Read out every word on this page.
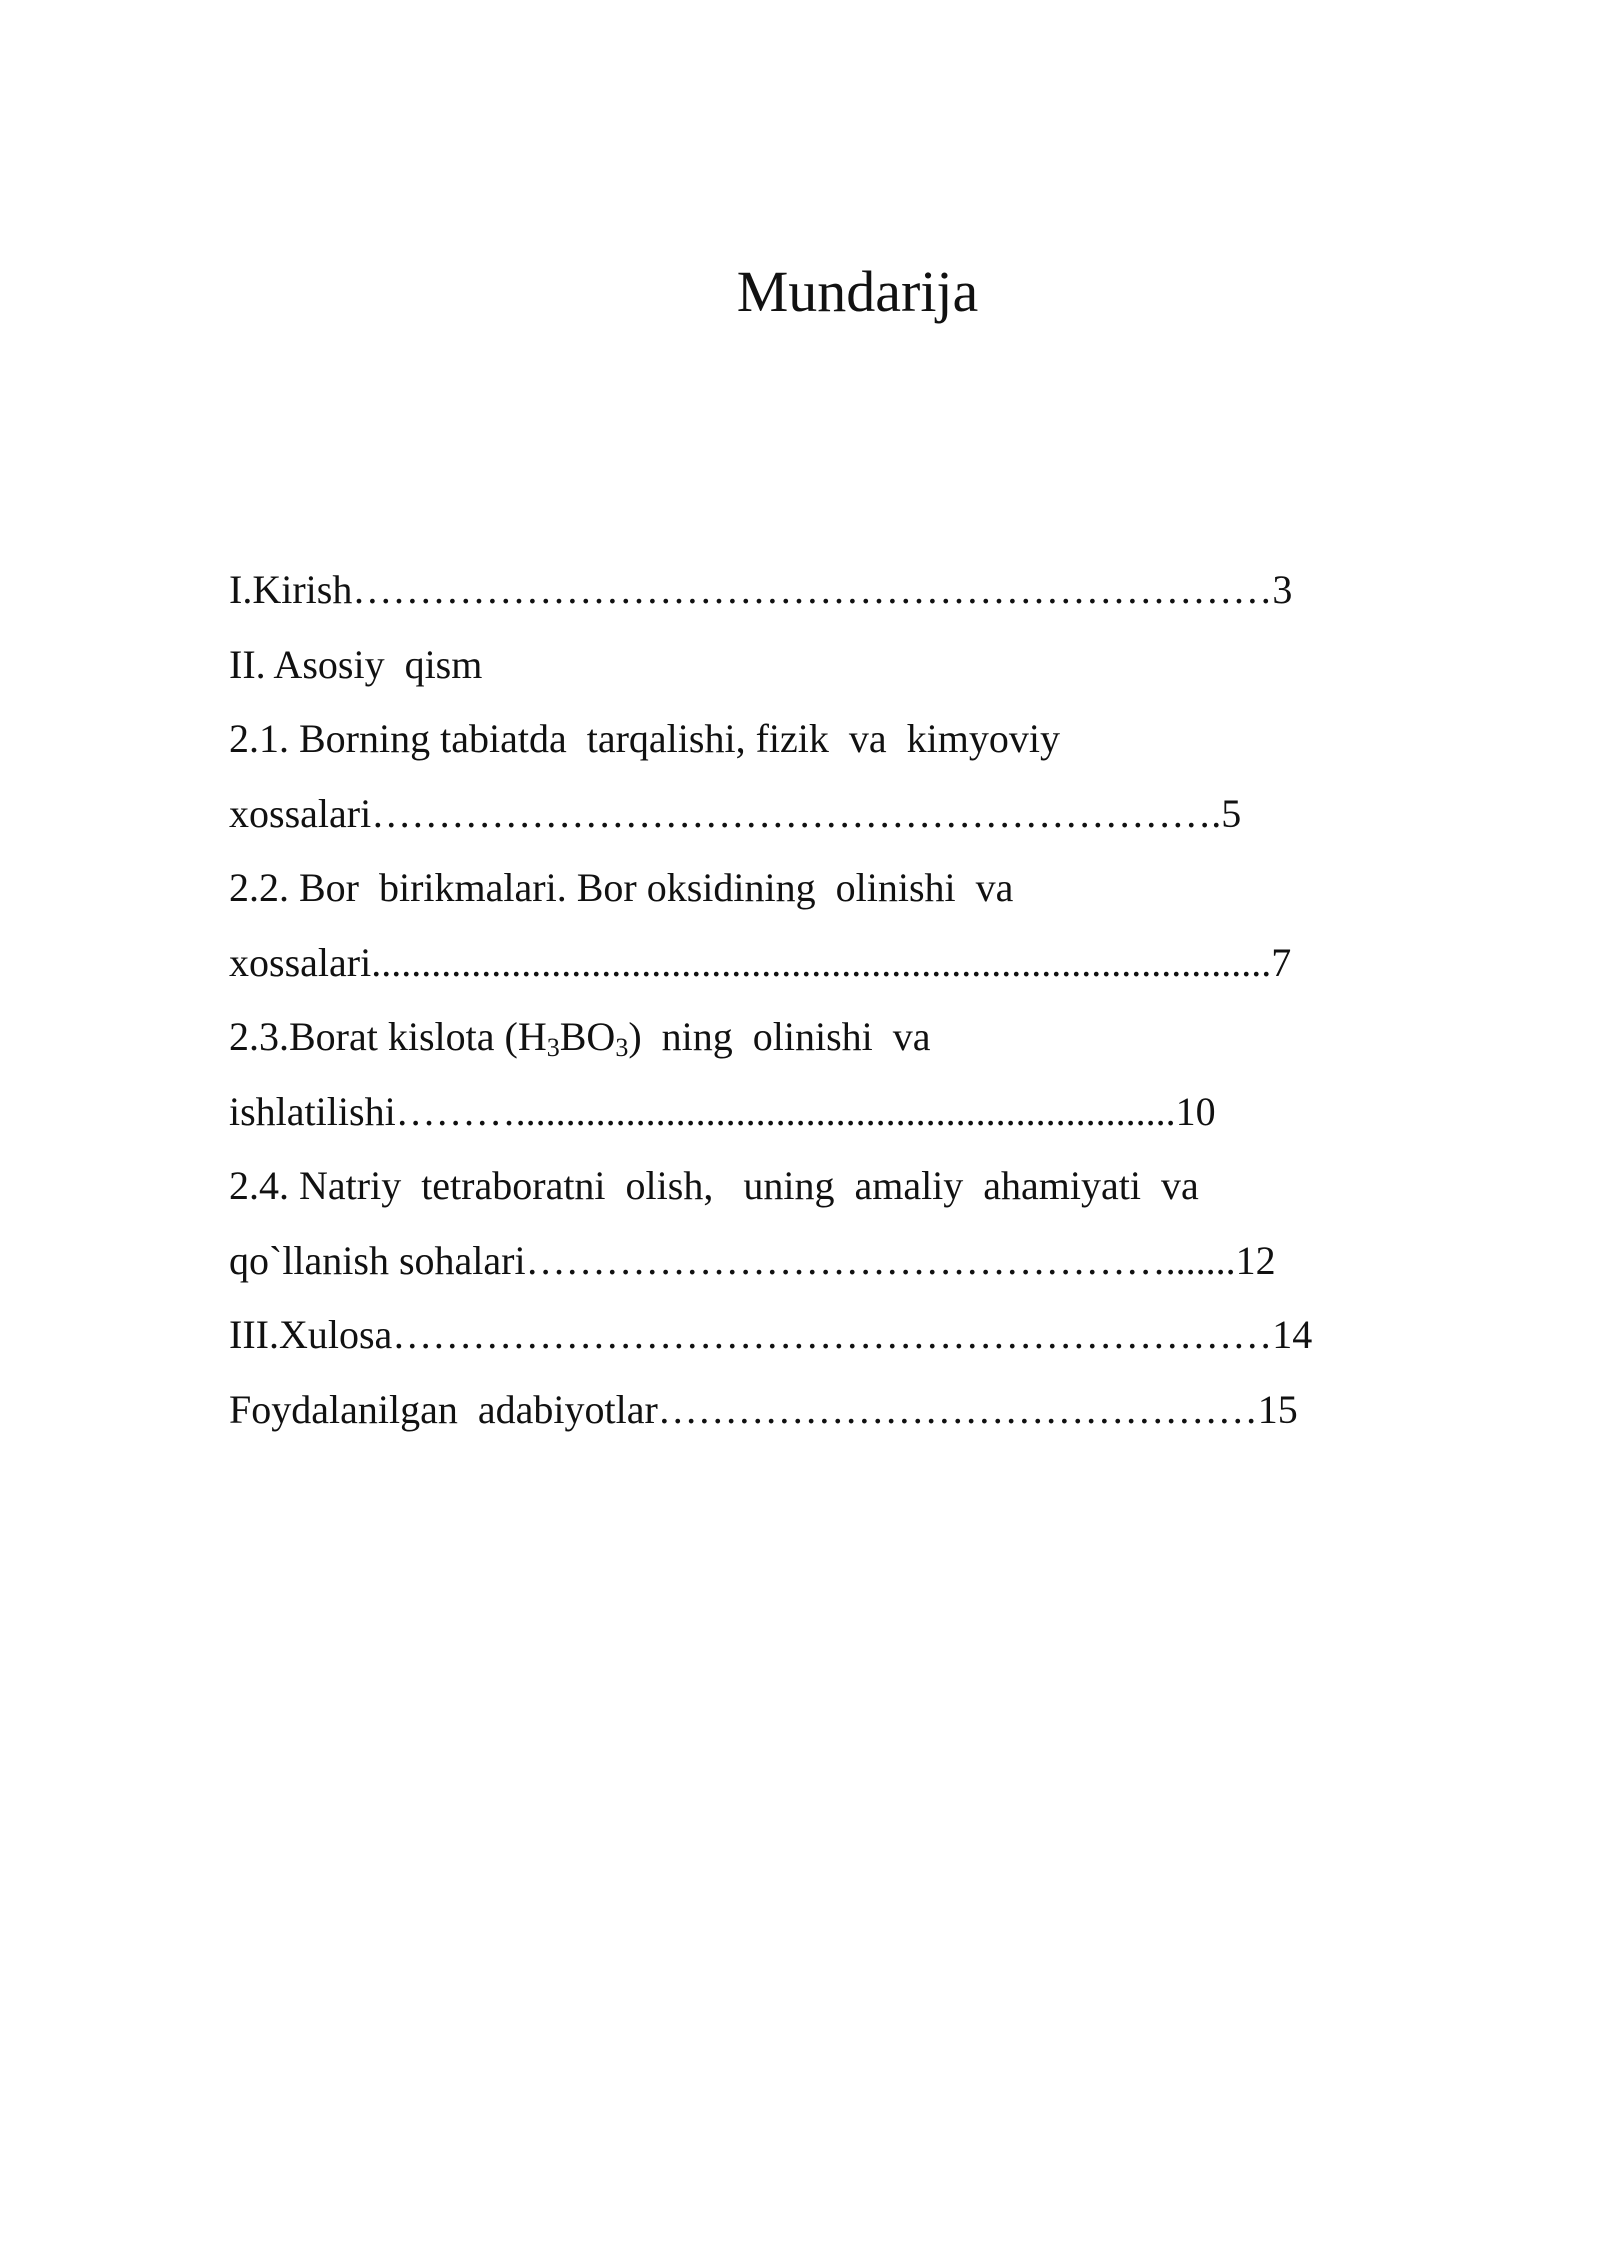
Mundarija
I.Kirish……………………………………………………………3
II. Asosiy  qism
2.1. Borning tabiatda  tarqalishi, fizik  va  kimyoviy
xossalari……………………………………………………….5
2.2. Bor  birikmalari. Bor oksidining  olinishi  va
xossalari..........................................................................................7
2.3.Borat kislota $(H_3BO_3)$  ning  olinishi  va
ishlatilishi………..................................................................10
2.4. Natriy  tetraboratni  olish,   uning  amaliy  ahamiyati  va
qo`llanish sohalari………………………………………….......12
III.Xulosa…………………………………………………………14
Foydalanilgan  adabiyotlar………………………………………15
